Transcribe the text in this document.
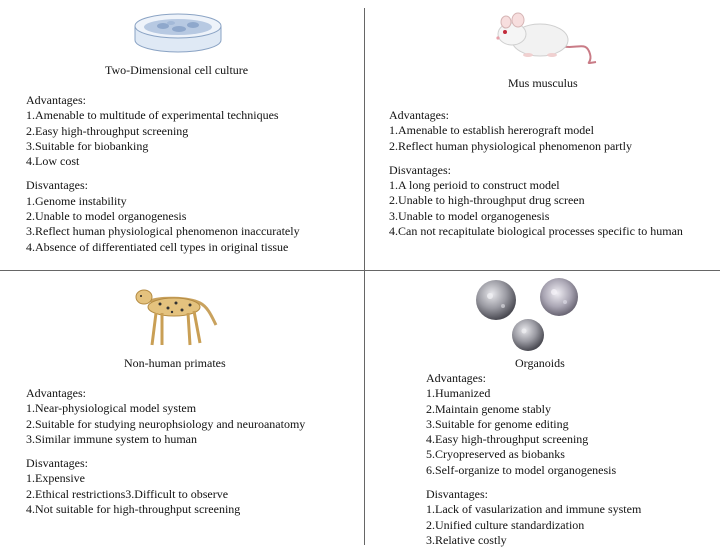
Two-Dimensional cell culture
Advantages:
1.Amenable to multitude of experimental techniques
2.Easy high-throughput screening
3.Suitable for biobanking
4.Low cost
Disvantages:
1.Genome instability
2.Unable to model organogenesis
3.Reflect human physiological phenomenon inaccurately
4.Absence of differentiated cell types in original tissue
Mus musculus
Advantages:
1.Amenable to establish hererograft model
2.Reflect human physiological phenomenon partly
Disvantages:
1.A long perioid to construct model
2.Unable to high-throughput drug screen
3.Unable to model organogenesis
4.Can not recapitulate biological processes specific to human
Non-human primates
Advantages:
1.Near-physiological model system
2.Suitable for studying neurophsiology and neuroanatomy
3.Similar immune system to human
Disvantages:
1.Expensive
2.Ethical restrictions3.Difficult to observe
4.Not suitable for high-throughput screening
Organoids
Advantages:
1.Humanized
2.Maintain genome stably
3.Suitable for genome editing
4.Easy high-throughput screening
5.Cryopreserved as biobanks
6.Self-organize to model organogenesis
Disvantages:
1.Lack of vasularization and immune system
2.Unified culture standardization
3.Relative costly
